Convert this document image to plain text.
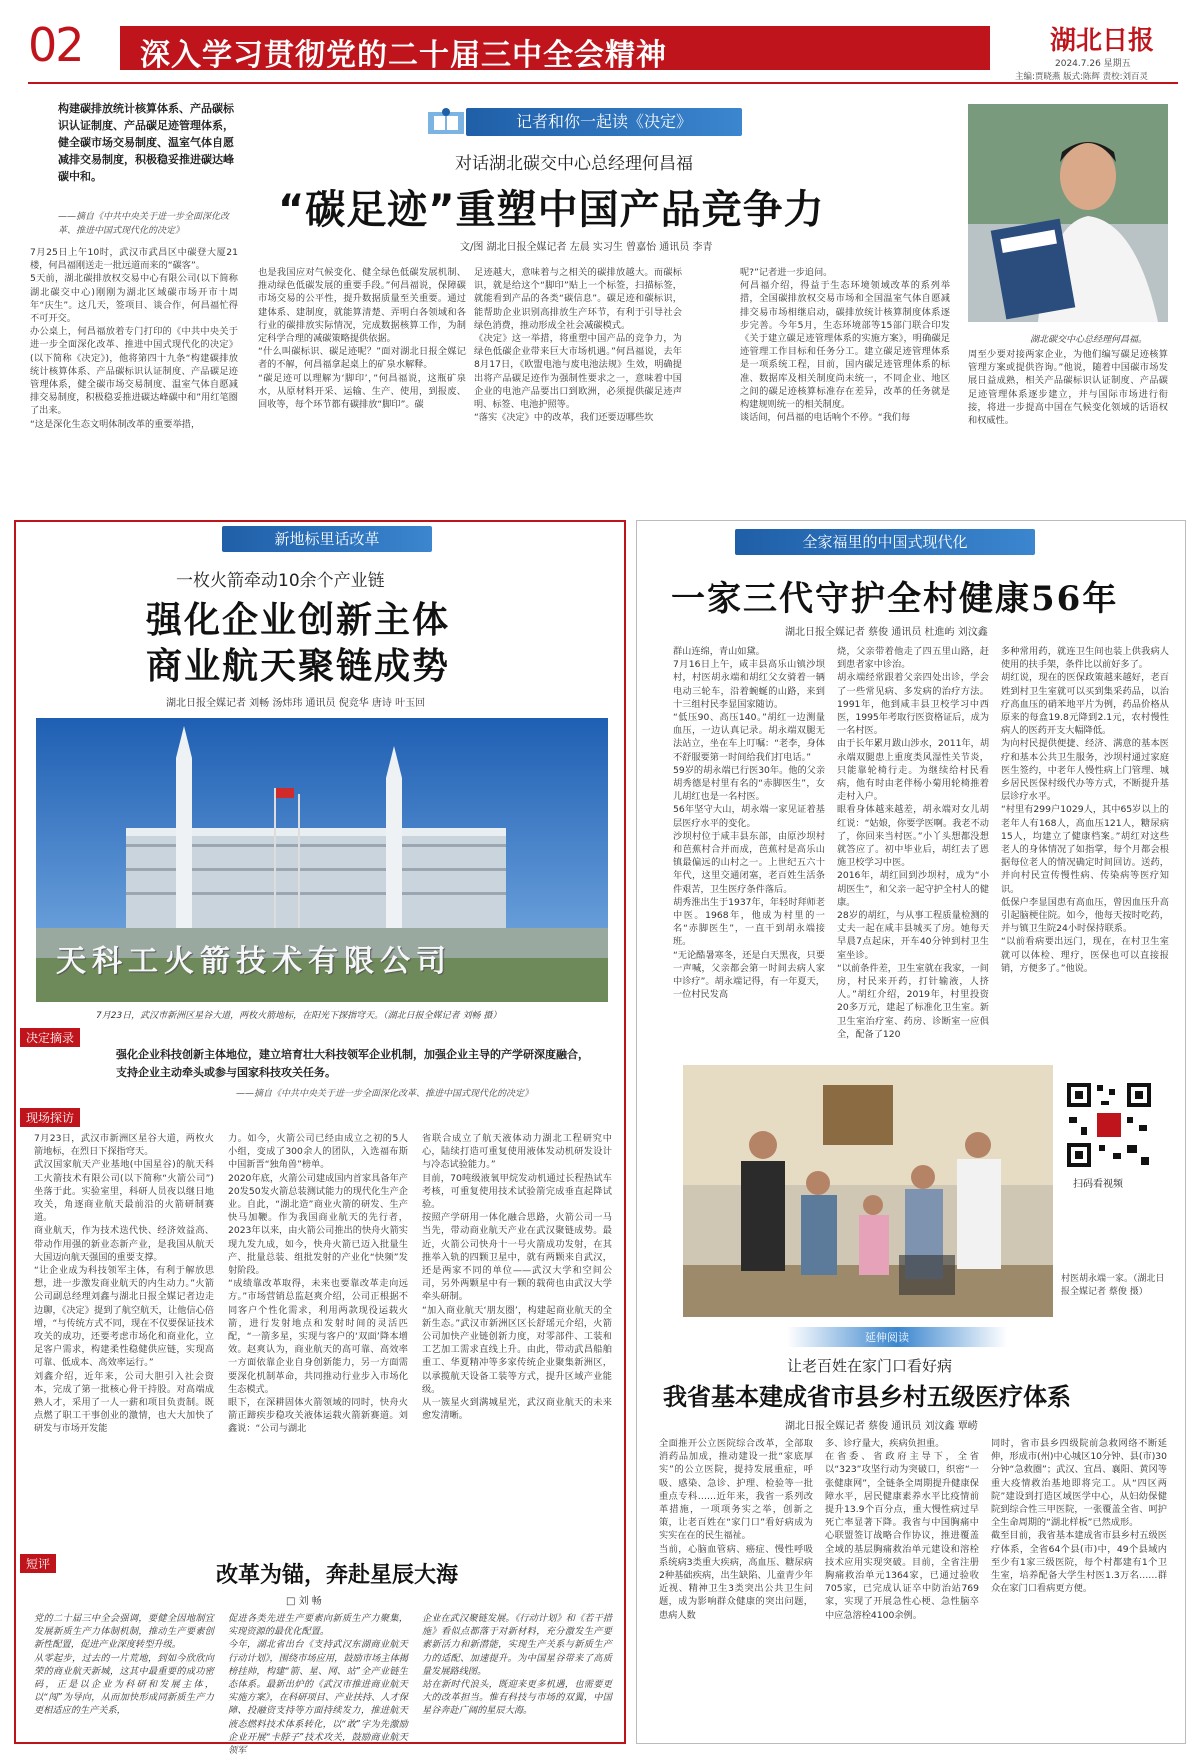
02 深入学习贯彻党的二十届三中全会精神	湖北日报
2024.7.26 星期五
主编:贾晓燕 版式:陈辉 责校:刘百灵
构建碳排放统计核算体系、产品碳标识认证制度、产品碳足迹管理体系，健全碳市场交易制度、温室气体自愿减排交易制度，积极稳妥推进碳达峰碳中和。
——摘自《中共中央关于进一步全面深化改革、推进中国式现代化的决定》
记者和你一起读《决定》
对话湖北碳交中心总经理何昌福
“碳足迹”重塑中国产品竞争力
文/图 湖北日报全媒记者 左晨 实习生 曾嘉怡 通讯员 李青
湖北碳交中心总经理何昌福。
7月25日上午10时，武汉市武昌区中碳登大厦21楼，何昌福刚送走一批远道而来的“碳客”。
5天前，湖北碳排放权交易中心有限公司(以下简称湖北碳交中心)刚刚为湖北区域碳市场开市十周年“庆生”。这几天，签项目、谈合作，何昌福忙得不可开交。
办公桌上，何昌福放着专门打印的《中共中央关于进一步全面深化改革、推进中国式现代化的决定》(以下简称《决定》)，他将第四十九条“构建碳排放统计核算体系、产品碳标识认证制度、产品碳足迹管理体系，健全碳市场交易制度、温室气体自愿减排交易制度，积极稳妥推进碳达峰碳中和”用红笔圈了出来。
“这是深化生态文明体制改革的重要举措，
也是我国应对气候变化、健全绿色低碳发展机制、推动绿色低碳发展的重要手段。”何昌福说，保障碳市场交易的公平性，提升数据质量至关重要。通过建体系、建制度，就能算清楚、弄明白各领域和各行业的碳排放实际情况，完成数据核算工作，为制定科学合理的减碳策略提供依据。
“什么叫碳标识、碳足迹呢？”面对湖北日报全媒记者的不解，何昌福拿起桌上的矿泉水解释。
“碳足迹可以理解为‘脚印’，”何昌福说，这瓶矿泉水，从原材料开采、运输、生产、使用，到报废、回收等，每个环节都有碳排放“脚印”。碳
足迹越大，意味着与之相关的碳排放越大。而碳标识，就是给这个“脚印”贴上一个标签，扫描标签，就能看到产品的各类“碳信息”。碳足迹和碳标识，能帮助企业识别高排放生产环节，有利于引导社会绿色消费，推动形成全社会减碳模式。
《决定》这一举措，将重塑中国产品的竞争力，为绿色低碳企业带来巨大市场机遇。”何昌福说，去年8月17日，《欧盟电池与废电池法规》生效，明确提出将产品碳足迹作为强制性要求之一，意味着中国企业的电池产品要出口到欧洲，必须提供碳足迹声明、标签、电池护照等。
“落实《决定》中的改革，我们还要迈哪些坎
呢?”记者进一步追问。
何昌福介绍，得益于生态环境领域改革的系列举措，全国碳排放权交易市场和全国温室气体自愿减排交易市场相继启动，碳排放统计核算制度体系逐步完善。今年5月，生态环境部等15部门联合印发《关于建立碳足迹管理体系的实施方案》，明确碳足迹管理工作目标和任务分工。建立碳足迹管理体系是一项系统工程，目前，国内碳足迹管理体系的标准、数据库及相关制度尚未统一，不同企业、地区之间的碳足迹核算标准存在差异，改革的任务就是构建规则统一的相关制度。
谈话间，何昌福的电话响个不停。“我们每
周至少要对接两家企业，为他们编写碳足迹核算管理方案或提供咨询。”他说，随着中国碳市场发展日益成熟，相关产品碳标识认证制度、产品碳足迹管理体系逐步建立，并与国际市场进行衔接，将进一步提高中国在气候变化领域的话语权和权威性。
新地标里话改革
一枚火箭牵动10余个产业链
强化企业创新主体
商业航天聚链成势
湖北日报全媒记者 刘畅 汤炜玮 通讯员 倪竞华 唐诗 叶玉回
天科工火箭技术有限公司
7月23日，武汉市新洲区星谷大道，两枚火箭地标，在阳光下探指穹天。（湖北日报全媒记者 刘畅 摄）
决定摘录
强化企业科技创新主体地位，建立培育壮大科技领军企业机制，加强企业主导的产学研深度融合，支持企业主动牵头或参与国家科技攻关任务。
——摘自《中共中央关于进一步全面深化改革、推进中国式现代化的决定》
现场探访
7月23日，武汉市新洲区星谷大道，两枚火箭地标，在烈日下探指穹天。
武汉国家航天产业基地(中国星谷)的航天科工火箭技术有限公司(以下简称“火箭公司”)坐落于此。实验室里，科研人员夜以继日地攻关，角逐商业航天最前沿的火箭研制赛道。
商业航天，作为技术迭代快、经济效益高、带动作用强的新业态新产业，是我国从航天大国迈向航天强国的重要支撑。
“让企业成为科技领军主体，有利于解放思想，进一步激发商业航天的内生动力。”火箭公司副总经理刘鑫与湖北日报全媒记者边走边聊，《决定》提到了航空航天，让他信心倍增，“与传统方式不同，现在不仅要保证技术攻关的成功，还要考虑市场化和商业化，立足客户需求，构建柔性稳健供应链，实现高可靠、低成本、高效率运行。”
刘鑫介绍，近年来，公司大胆引入社会资本，完成了第一批核心骨干持股。对高端成熟人才，采用了一人一薪和项目负责制。既点燃了职工干事创业的激情，也大大加快了研发与市场开发能
力。如今，火箭公司已经由成立之初的5人小组，变成了300余人的团队，入选福布斯中国新晋“独角兽”榜单。
2020年底，火箭公司建成国内首家具备年产20发50发火箭总装测试能力的现代化生产企业。自此，“湖北造”商业火箭的研发、生产快马加鞭。作为我国商业航天的先行者，2023年以来，由火箭公司推出的快舟火箭实现九发九成，如今，快舟火箭已迈入批量生产、批量总装、组批发射的产业化“快频”发射阶段。
“成绩靠改革取得，未来也要靠改革走向远方。”市场营销总监赵爽介绍，公司正根据不同客户个性化需求，利用两款现役运载火箭，进行发射地点和发射时间的灵活匹配，“一箭多星，实现与客户的‘双面’降本增效。赵爽认为，商业航天的高可靠、高效率一方面依靠企业自身创新能力，另一方面需要深化机制革命，共同推动行业步入市场化生态模式。
眼下，在深耕固体火箭领域的同时，快舟火箭正蹄疾步稳攻关液体运载火箭新赛道。刘鑫说：“公司与湖北
省联合成立了航天液体动力湖北工程研究中心，陆续打造可重复使用液体发动机研发设计与冷态试验能力。”
目前，70吨级液氧甲烷发动机通过长程热试车考核，可重复使用技术试验箭完成垂直起降试验。
按照产学研用一体化融合思路，火箭公司一马当先，带动商业航天产业在武汉聚链成势。最近，火箭公司快舟十一号火箭成功发射，在其推举入轨的四颗卫星中，就有两颗来自武汉，还是两家不同的单位——武汉大学和空间公司，另外两颗星中有一颗的载荷也由武汉大学牵头研制。
“加入商业航天‘朋友圈’，构建起商业航天的全新生态。”武汉市新洲区区长舒瑶元介绍，火箭公司加快产业链创新力度，对零部件、工装和工艺加工需求直线上升。由此，带动武昌船舶重工、华夏精冲等多家传统企业聚集新洲区，以承揽航天设备工装等方式，提升区域产业能级。
从一簇星火到满城星光，武汉商业航天的未来愈发清晰。
短评	改革为锚，奔赴星辰大海
□ 刘 畅
党的二十届三中全会强调，要健全因地制宜发展新质生产力体制机制，推动生产要素创新性配置，促进产业深度转型升级。
从零起步，过去的一片荒地，到如今欣欣向荣的商业航天新城，这其中最重要的成功密码，正是以企业为科研和发展主体，以“闯”为导向，从而加快形成同新质生产力更相适应的生产关系，
促进各类先进生产要素向新质生产力聚集，实现资源的最优化配置。
今年，湖北省出台《支持武汉东湖商业航天行动计划》，围绕市场应用，鼓励市场主体揭榜挂帅，构建“箭、星、网、站”全产业链生态体系。最新出炉的《武汉市推进商业航天实施方案》，在科研项目、产业扶持、人才保障、投融资支持等方面持续发力，推进航天液态燃料技术体系转化，以“敢”字为先激励企业开展“卡脖子”技术攻关，鼓励商业航天领军
企业在武汉聚链发展。《行动计划》和《若干措施》看似点都落于对新材料，充分激发生产要素新活力和新潜能，实现生产关系与新质生产力的适配、加速提升。为中国星谷带来了高质量发展路线图。
站在新时代浪头，既迎来更多机遇，也需要更大的改革担当。惟有科技与市场的双翼，中国星谷奔赴广阔的星辰大海。
全家福里的中国式现代化
一家三代守护全村健康56年
湖北日报全媒记者 蔡俊 通讯员 杜進屿 刘汶鑫
群山连绵，青山如黛。
7月16日上午，咸丰县高乐山镇沙坝村，村医胡永端和胡红父女骑着一辆电动三轮车，沿着蜿蜒的山路，来到十三组村民李显国家随访。
“低压90、高压140。”胡红一边测量血压，一边认真记录。胡永端双腿无法站立，坐在车上叮嘱：“老李，身体不舒服要第一时间给我们打电话。”
59岁的胡永端已行医30年。他的父亲胡秀德是村里有名的“赤脚医生”，女儿胡红也是一名村医。
56年坚守大山，胡永端一家见证着基层医疗水平的变化。
沙坝村位于咸丰县东部，由原沙坝村和芭蕉村合并而成，芭蕉村是高乐山镇最偏远的山村之一。上世纪五六十年代，这里交通闭塞，老百姓生活条件艰苦，卫生医疗条件落后。
胡秀淮出生于1937年，年轻时拜师老中医。1968年，他成为村里的一名“赤脚医生”，一直干到胡永端接班。
“无论酷暑寒冬，还是白天黑夜，只要一声喊，父亲都会第一时间去病人家中诊疗”。胡永端记得，有一年夏天，一位村民发高
烧，父亲带着他走了四五里山路，赶到患者家中诊治。
胡永端经常跟着父亲四处出诊，学会了一些常见病、多发病的治疗方法。1991年，他到咸丰县卫校学习中西医，1995年考取行医资格证后，成为一名村医。
由于长年累月跋山涉水，2011年，胡永端双腿患上重度类风湿性关节炎，只能靠轮椅行走。为继续给村民看病，他有时由老伴杨小菊用轮椅推着走村入户。
眼看身体越来越差，胡永端对女儿胡红说：“姑娘，你要学医啊。我老不动了，你回来当村医。”小丫头想都没想就答应了。初中毕业后，胡红去了恩施卫校学习中医。
2016年，胡红回到沙坝村，成为“小胡医生”，和父亲一起守护全村人的健康。
28岁的胡红，与从事工程质量检测的丈夫一起在咸丰县城买了房。她每天早晨7点起床，开车40分钟到村卫生室坐诊。
“以前条件差，卫生室就在我家，一间房，村民来开药，打针输液，人挤人。”胡红介绍，2019年，村里投资20多万元，建起了标准化卫生室。新卫生室治疗室、药房、诊断室一应俱全，配备了120
多种常用药，就连卫生间也装上供我病人使用的扶手架，条件比以前好多了。
胡红说，现在的医保政策越来越好，老百姓到村卫生室就可以买到集采药品，以治疗高血压的硝苯地平片为例，药品价格从原来的每盒19.8元降到2.1元，农村慢性病人的医药开支大幅降低。
为向村民提供便捷、经济、满意的基本医疗和基本公共卫生服务，沙坝村通过家庭医生签约，中老年人慢性病上门管理、城乡居民医保村级代办等方式，不断提升基层诊疗水平。
“村里有299户1029人，其中65岁以上的老年人有168人，高血压121人，糖尿病15人，均建立了健康档案。”胡红对这些老人的身体情况了如指掌，每个月都会根据每位老人的情况确定时间回访。送药，并向村民宣传慢性病、传染病等医疗知识。
低保户李显国患有高血压，曾因血压升高引起脑梗住院。如今，他每天按时吃药，并与镇卫生院24小时保持联系。
“以前看病要出远门，现在，在村卫生室就可以体检、理疗，医保也可以直接报销，方便多了。”他说。
扫码看视频
村医胡永端一家。（湖北日报全媒记者 蔡俊 摄）
延伸阅读
让老百姓在家门口看好病
我省基本建成省市县乡村五级医疗体系
湖北日报全媒记者 蔡俊 通讯员 刘汶鑫 覃崂
全面推开公立医院综合改革，全部取消药品加成，推动建设一批“家底厚实”的公立医院，提持发展重症，呼吸、感染、急诊、护理、检验等一批重点专科……近年来，我省一系列改革措施，一项项务实之举，创新之策，让老百姓在“家门口”看好病成为实实在在的民生福祉。
当前，心脑血管病、癌症、慢性呼吸系统病3类重大疾病，高血压、糖尿病2种基础疾病，出生缺陷、儿童青少年近视、精神卫生3类突出公共卫生问题，成为影响群众健康的突出问题，患病人数
多、诊疗量大，疾病负担重。
在省委、省政府主导下，全省以“323”攻坚行动为突破口，织密“一张健康网”，全链条全周期提升健康保障水平，居民健康素养水平比疫情前提升13.9个百分点，重大慢性病过早死亡率显著下降。我省与中国胸痛中心联盟签订战略合作协议，推进覆盖全域的基层胸痛救治单元建设和溶栓技术应用实现突破。目前，全省注册胸痛救治单元1364家，已通过验收705家，已完成认证卒中防治站769家，实现了开展急性心梗、急性脑卒中应急溶栓4100余例。
同时，省市县乡四级院前急救网络不断延伸，形成市(州)中心城区10分钟、县(市)30分钟“急救圈”；武汉、宜昌、襄阳、黄冈等重大疫情救治基地即将完工。从“四区两院”建设到打造区域医学中心，从妇幼保健院到综合性三甲医院，一张覆盖全省、呵护全生命周期的“湖北样板”已然成形。
截至目前，我省基本建成省市县乡村五级医疗体系，全省64个县(市)中，49个县域内至少有1家三级医院，每个村都建有1个卫生室，培养配备大学生村医1.3万名……群众在家门口看病更方便。
